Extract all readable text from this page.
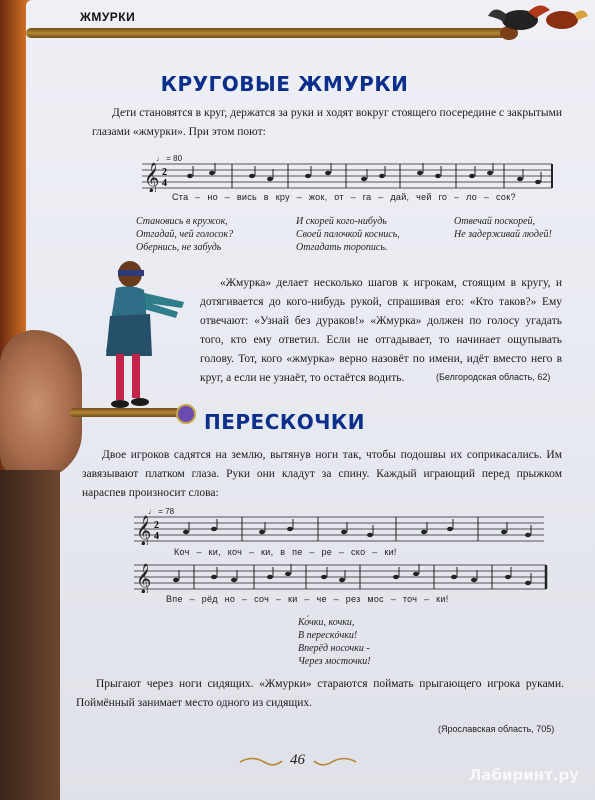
ЖМУРКИ
КРУГОВЫЕ ЖМУРКИ

Дети становятся в круг, держатся за руки и ходят вокруг стоящего посередине с закрытыми глазами «жмурки». При этом поют:

♩ = 80
𝄞 2
4
Ста – но – вись в кру – жок, от – га – дай, чей го – ло – сок?
Становись в кружок,
Отгадай, чей голосок?
Обернись, не забудь
И скорей кого-нибудь
Своей палочкой коснись,
Отгадать торопись.
Отвечай поскорей,
Не задерживай людей!

«Жмурка» делает несколько шагов к игрокам, стоящим в кругу, и дотягивается до кого-нибудь рукой, спрашивая его: «Кто таков?» Ему отвечают: «Узнай без дураков!» «Жмурка» должен по голосу угадать того, кто ему ответил. Если не отгадывает, то начинает ощупывать голову. Тот, кого «жмурка» верно назовёт по имени, идёт вместо него в круг, а если не узнаёт, то остаётся водить.	(Белгородская область, 62)
ПЕРЕСКОЧКИ

Двое игроков садятся на землю, вытянув ноги так, чтобы подошвы их соприкасались. Им завязывают платком глаза. Руки они кладут за спину. Каждый играющий перед прыжком нараспев произносит слова:

♩ = 78
𝄞 2
4
Коч – ки, коч – ки, в пе – ре – ско – ки!
𝄞
Впе – рёд но – соч – ки – че – рез мос – точ – ки!
Ко́чки, кочки,
В перескóчки!
Вперёд носочки -
Через мосточки!

Прыгают через ноги сидящих. «Жмурки» стараются поймать прыгающего игрока руками. Поймённый занимает место одного из сидящих.

(Ярославская область, 705)
46
Лабиринт.ру
